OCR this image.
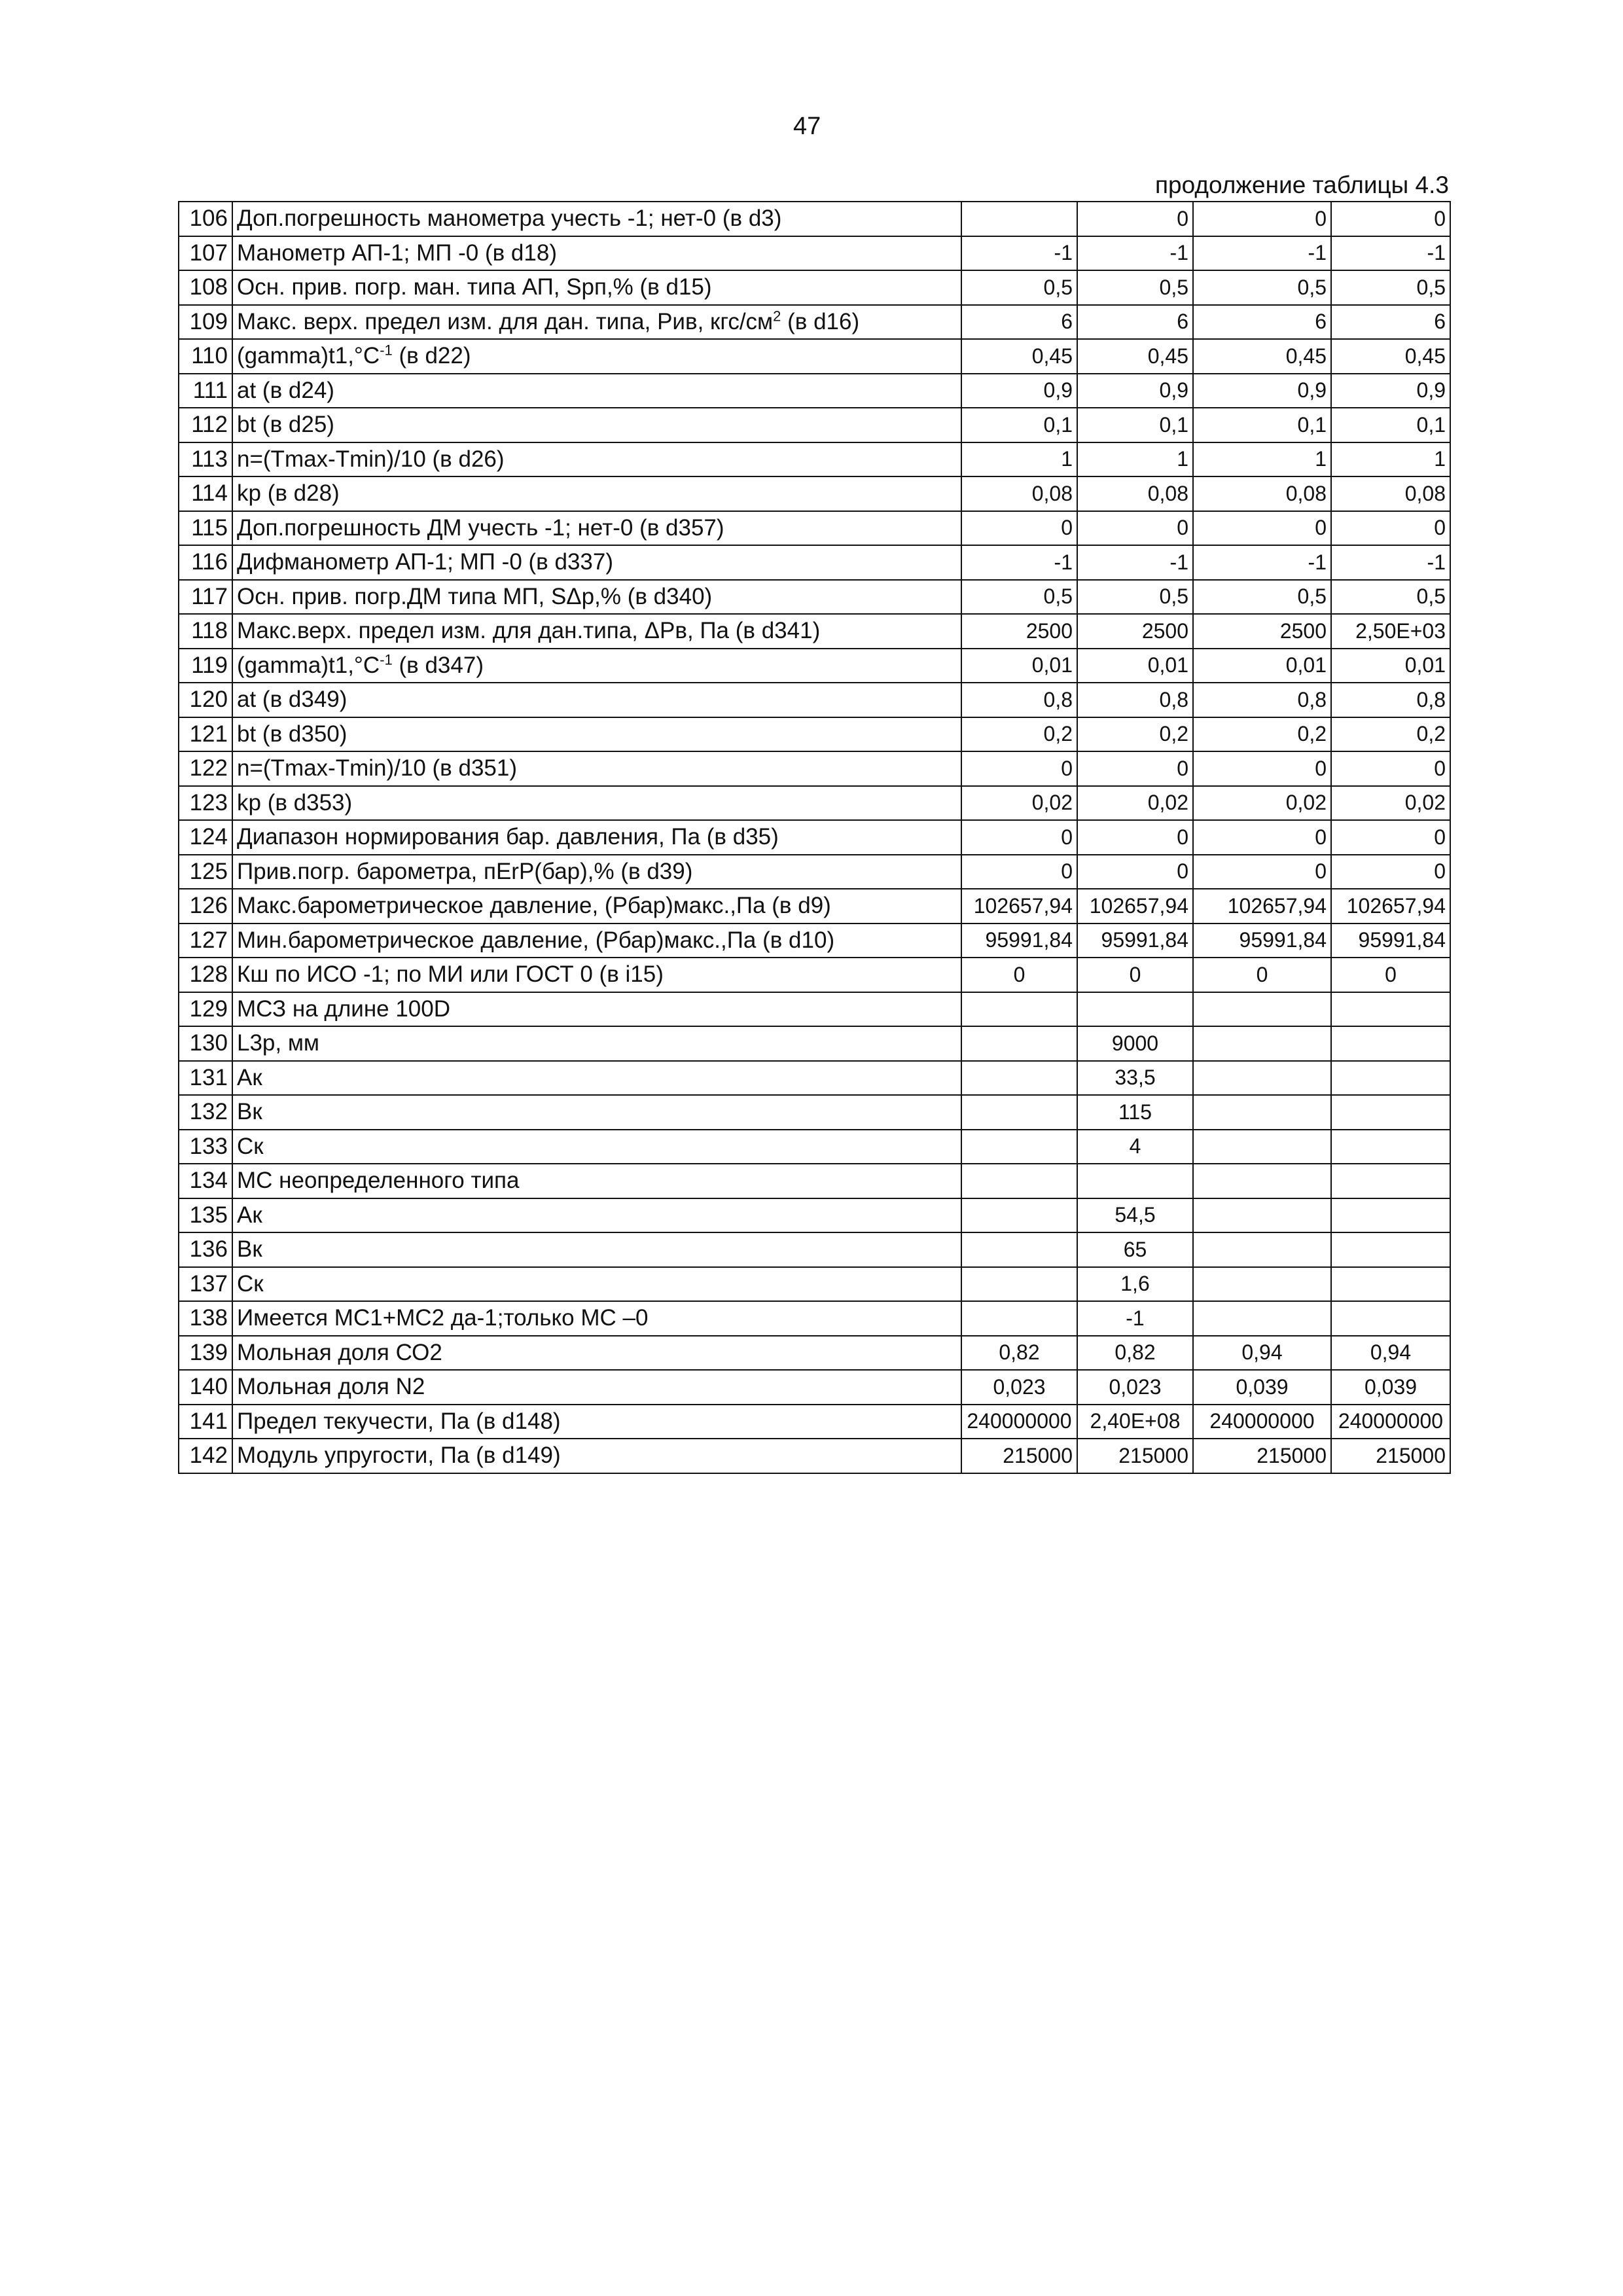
47
продолжение таблицы 4.3
106	Доп.погрешность манометра учесть -1; нет-0 (в d3)		0	0	0
107	Манометр АП-1; МП -0 (в d18)	-1	-1	-1	-1
108	Осн. прив. погр. ман. типа АП, Sрп,% (в d15)	0,5	0,5	0,5	0,5
109	Макс. верх. предел изм. для дан. типа, Рив, кгс/$см^2$ (в d16)	6	6	6	6
110	$(gamma)t1,^\circ C^{-1}$ (в d22)	0,45	0,45	0,45	0,45
111	at (в d24)	0,9	0,9	0,9	0,9
112	bt (в d25)	0,1	0,1	0,1	0,1
113	n=(Tmax-Tmin)/10 (в d26)	1	1	1	1
114	kp (в d28)	0,08	0,08	0,08	0,08
115	Доп.погрешность ДМ учесть -1; нет-0 (в d357)	0	0	0	0
116	Дифманометр АП-1; МП -0 (в d337)	-1	-1	-1	-1
117	Осн. прив. погр.ДМ типа МП, SΔр,% (в d340)	0,5	0,5	0,5	0,5
118	Макс.верх. предел изм. для дан.типа, ΔРв, Па (в d341)	2500	2500	2500	2,50E+03
119	$(gamma)t1,^\circ C^{-1}$ (в d347)	0,01	0,01	0,01	0,01
120	at (в d349)	0,8	0,8	0,8	0,8
121	bt (в d350)	0,2	0,2	0,2	0,2
122	n=(Tmax-Tmin)/10 (в d351)	0	0	0	0
123	kp (в d353)	0,02	0,02	0,02	0,02
124	Диапазон нормирования бар. давления, Па (в d35)	0	0	0	0
125	Прив.погр. барометра, пErP(бар),% (в d39)	0	0	0	0
126	Макс.барометрическое давление, (Рбар)макс.,Па (в d9)	102657,94	102657,94	102657,94	102657,94
127	Мин.барометрическое давление, (Рбар)макс.,Па (в d10)	95991,84	95991,84	95991,84	95991,84
128	Кш по ИСО -1; по МИ или ГОСТ 0 (в i15)	0	0	0	0
129	МСЗ на длине 100D				
130	L3р, мм		9000		
131	Ак		33,5		
132	Вк		115		
133	Ск		4		
134	МС неопределенного типа				
135	Ак		54,5		
136	Вк		65		
137	Ск		1,6		
138	Имеется МС1+МС2 да-1;только МС –0		-1		
139	Мольная доля СО2	0,82	0,82	0,94	0,94
140	Мольная доля N2	0,023	0,023	0,039	0,039
141	Предел текучести, Па (в d148)	240000000	2,40E+08	240000000	240000000
142	Модуль упругости, Па (в d149)	215000	215000	215000	215000
